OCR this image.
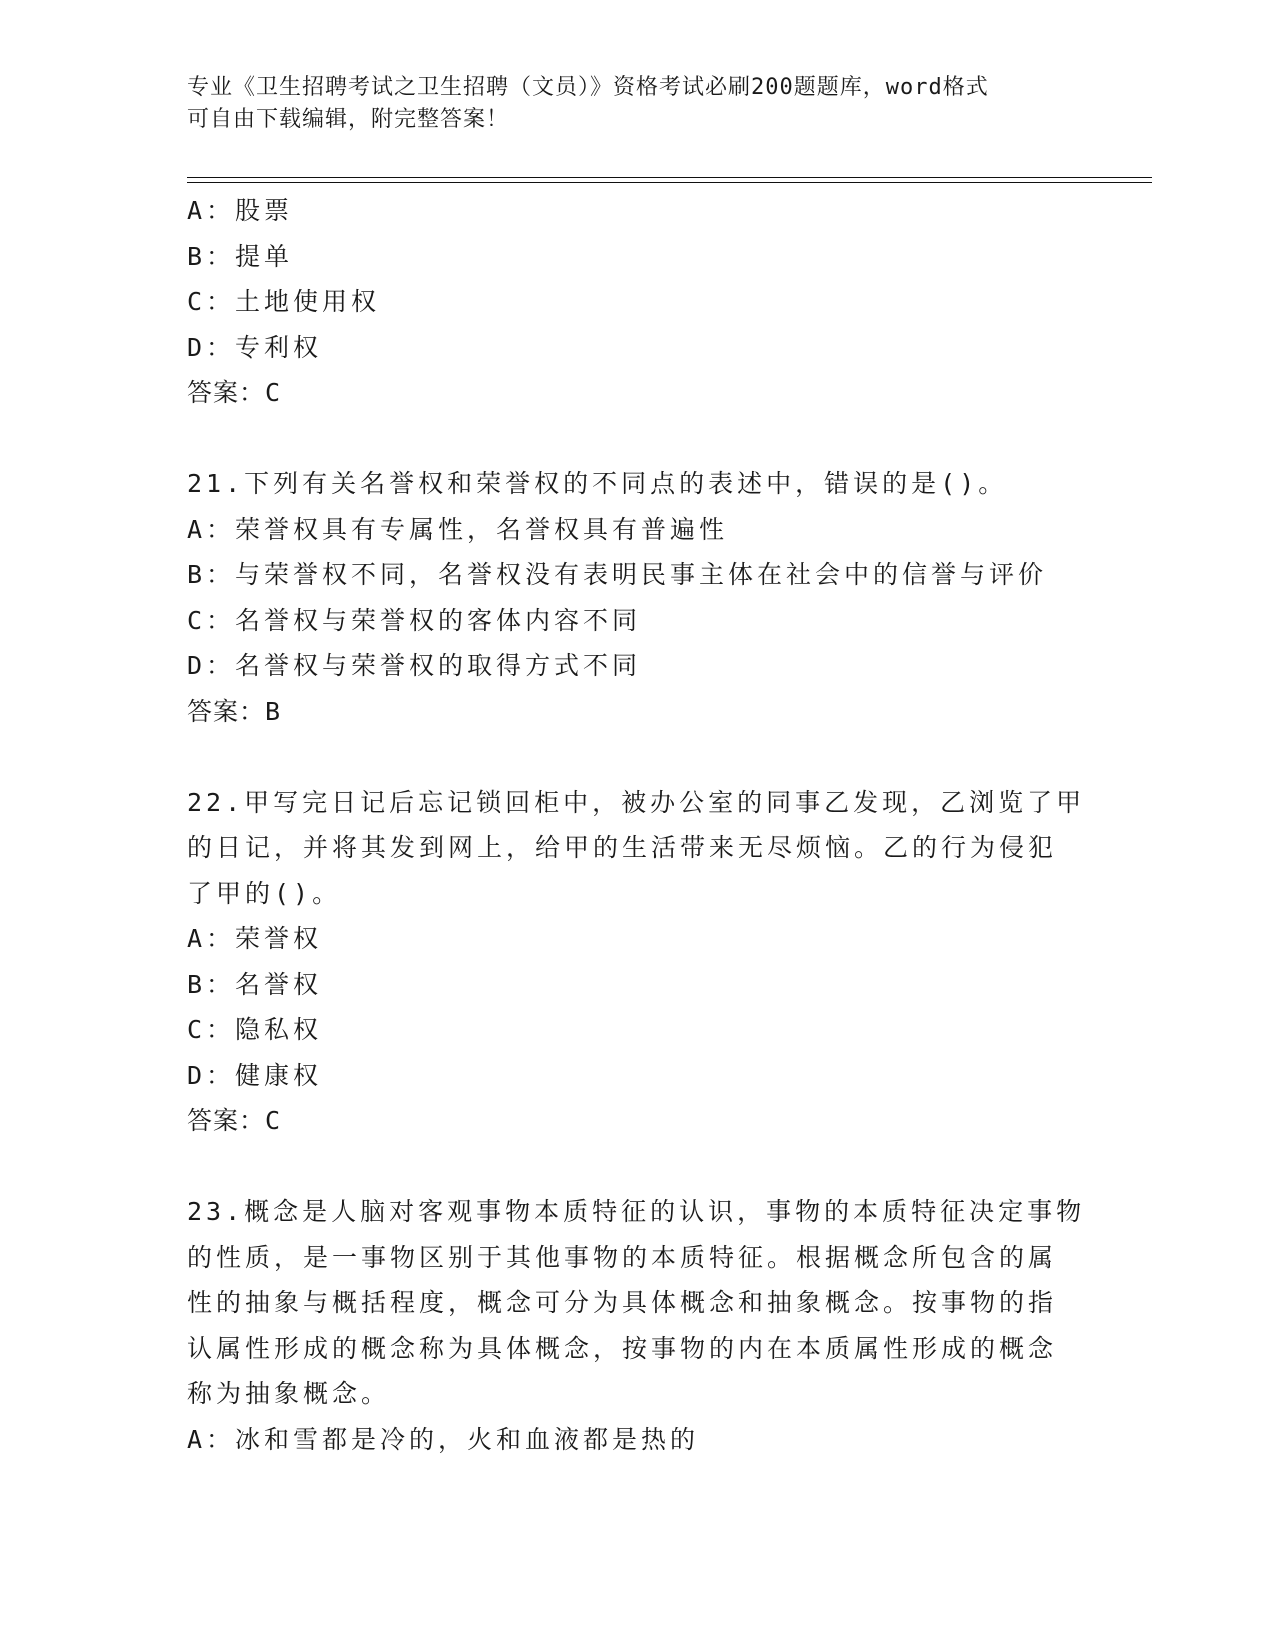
专业《卫生招聘考试之卫生招聘（文员）》资格考试必刷200题题库，word格式
可自由下载编辑，附完整答案！
A：股票
B：提单
C：土地使用权
D：专利权
答案：C
21.下列有关名誉权和荣誉权的不同点的表述中，错误的是()。
A：荣誉权具有专属性，名誉权具有普遍性
B：与荣誉权不同，名誉权没有表明民事主体在社会中的信誉与评价
C：名誉权与荣誉权的客体内容不同
D：名誉权与荣誉权的取得方式不同
答案：B
22.甲写完日记后忘记锁回柜中，被办公室的同事乙发现，乙浏览了甲
的日记，并将其发到网上，给甲的生活带来无尽烦恼。乙的行为侵犯
了甲的()。
A：荣誉权
B：名誉权
C：隐私权
D：健康权
答案：C
23.概念是人脑对客观事物本质特征的认识，事物的本质特征决定事物
的性质，是一事物区别于其他事物的本质特征。根据概念所包含的属
性的抽象与概括程度，概念可分为具体概念和抽象概念。按事物的指
认属性形成的概念称为具体概念，按事物的内在本质属性形成的概念
称为抽象概念。
A：冰和雪都是冷的，火和血液都是热的
